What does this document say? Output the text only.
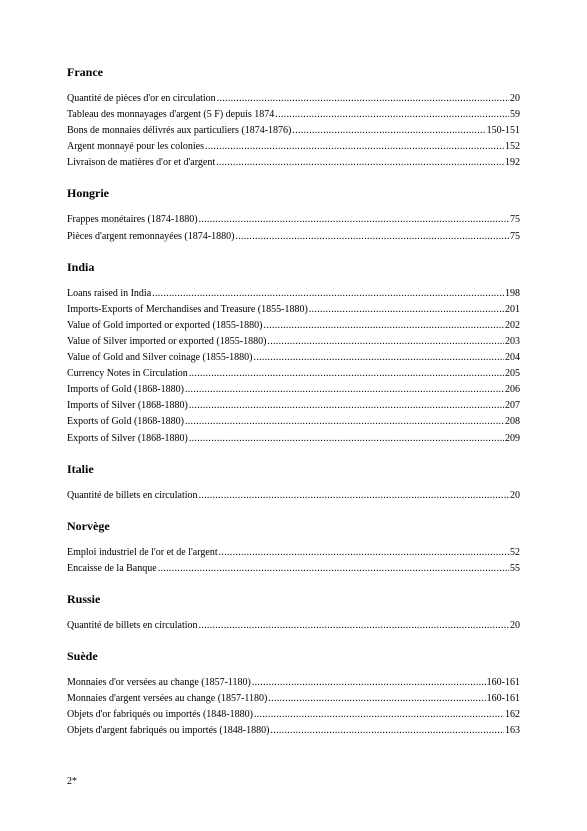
France
Quantité de pièces d'or en circulation .....	20
Tableau des monnayages d'argent (5 F) depuis 1874 .....	59
Bons de monnaies délivrés aux particuliers (1874-1876) .....	150-151
Argent monnayé pour les colonies .....	152
Livraison de matières d'or et d'argent .....	192
Hongrie
Frappes monétaires (1874-1880) .....	75
Pièces d'argent remonnayées (1874-1880) .....	75
India
Loans raised in India .....	198
Imports-Exports of Merchandises and Treasure (1855-1880) .....	201
Value of Gold imported or exported (1855-1880) .....	202
Value of Silver imported or exported (1855-1880) .....	203
Value of Gold and Silver coinage (1855-1880) .....	204
Currency Notes in Circulation .....	205
Imports of Gold (1868-1880) .....	206
Imports of Silver (1868-1880) .....	207
Exports of Gold (1868-1880) .....	208
Exports of Silver (1868-1880) .....	209
Italie
Quantité de billets en circulation .....	20
Norvège
Emploi industriel de l'or et de l'argent .....	52
Encaisse de la Banque .....	55
Russie
Quantité de billets en circulation .....	20
Suède
Monnaies d'or versées au change (1857-1180) .....	160-161
Monnaies d'argent versées au change (1857-1180) .....	160-161
Objets d'or fabriqués ou importés (1848-1880) .....	162
Objets d'argent fabriqués ou importés (1848-1880) .....	163
2*
